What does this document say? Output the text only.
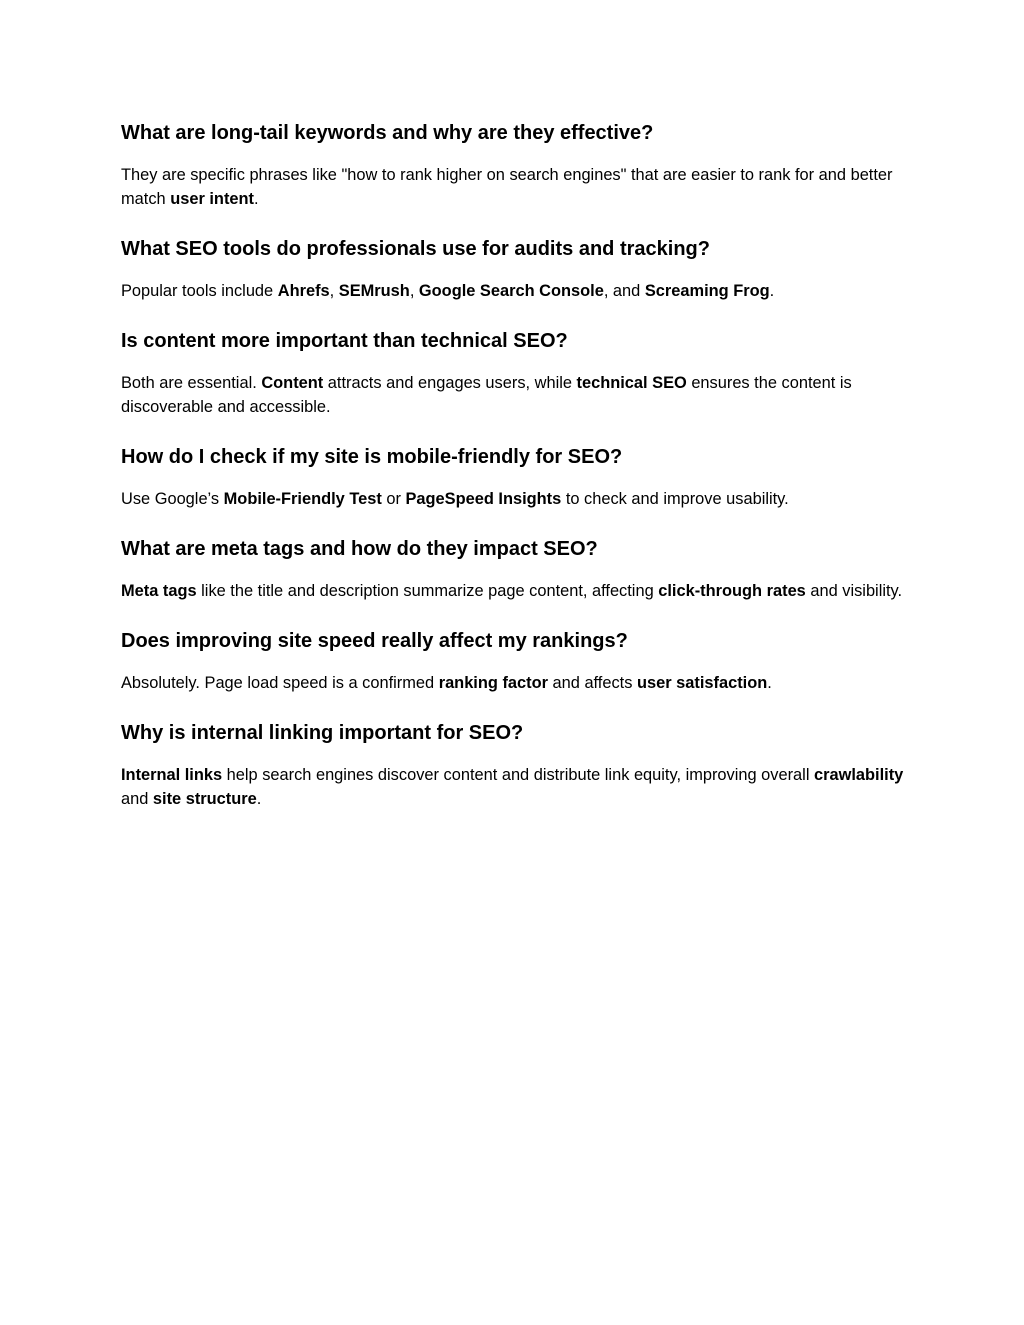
What are long-tail keywords and why are they effective?

They are specific phrases like "how to rank higher on search engines" that are easier to rank for and better match user intent.

What SEO tools do professionals use for audits and tracking?

Popular tools include Ahrefs, SEMrush, Google Search Console, and Screaming Frog.

Is content more important than technical SEO?

Both are essential. Content attracts and engages users, while technical SEO ensures the content is discoverable and accessible.

How do I check if my site is mobile-friendly for SEO?

Use Google’s Mobile-Friendly Test or PageSpeed Insights to check and improve usability.

What are meta tags and how do they impact SEO?

Meta tags like the title and description summarize page content, affecting click-through rates and visibility.

Does improving site speed really affect my rankings?

Absolutely. Page load speed is a confirmed ranking factor and affects user satisfaction.

Why is internal linking important for SEO?

Internal links help search engines discover content and distribute link equity, improving overall crawlability and site structure.
